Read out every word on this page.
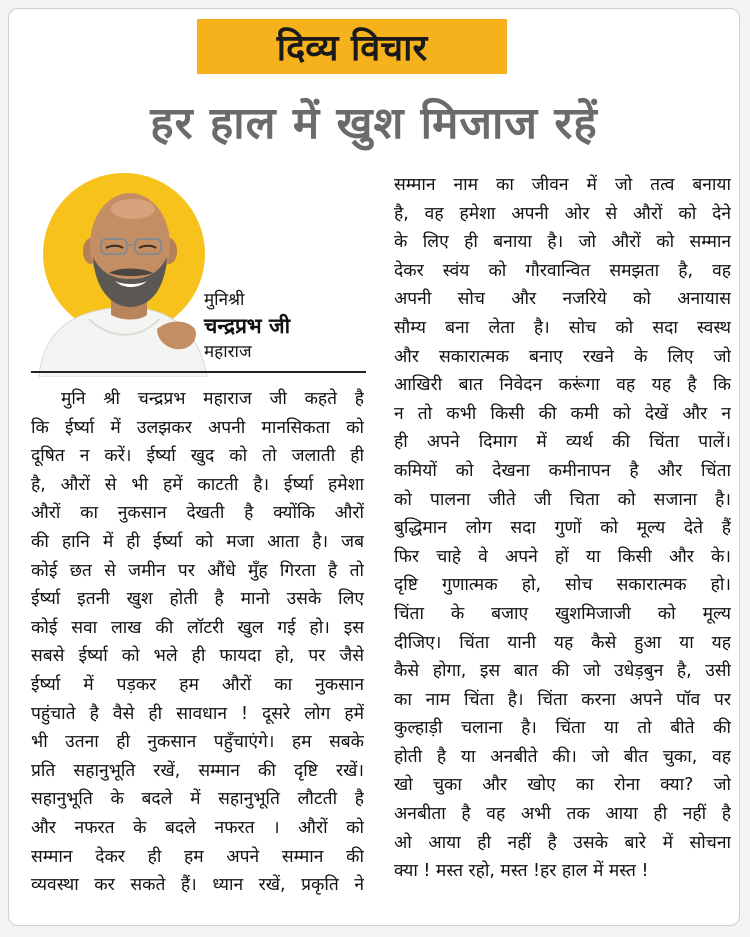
दिव्य विचार
हर हाल में खुश मिजाज रहें
मुनिश्री
चन्द्रप्रभ जी
महाराज
मुनि श्री चन्द्रप्रभ महाराज जी कहते है
कि ईर्ष्या में उलझकर अपनी मानसिकता को
दूषित न करें। ईर्ष्या खुद को तो जलाती ही
है, औरों से भी हमें काटती है। ईर्ष्या हमेशा
औरों का नुकसान देखती है क्योंकि औरों
की हानि में ही ईर्ष्या को मजा आता है। जब
कोई छत से जमीन पर औंधे मुँह गिरता है तो
ईर्ष्या इतनी खुश होती है मानो उसके लिए
कोई सवा लाख की लॉटरी खुल गई हो। इस
सबसे ईर्ष्या को भले ही फायदा हो, पर जैसे
ईर्ष्या में पड़कर हम औरों का नुकसान
पहुंचाते है वैसे ही सावधान ! दूसरे लोग हमें
भी उतना ही नुकसान पहुँचाएंगे। हम सबके
प्रति सहानुभूति रखें, सम्मान की दृष्टि रखें।
सहानुभूति के बदले में सहानुभूति लौटती है
और नफरत के बदले नफरत । औरों को
सम्मान देकर ही हम अपने सम्मान की
व्यवस्था कर सकते हैं। ध्यान रखें, प्रकृति ने
सम्मान नाम का जीवन में जो तत्व बनाया
है, वह हमेशा अपनी ओर से औरों को देने
के लिए ही बनाया है। जो औरों को सम्मान
देकर स्वंय को गौरवान्वित समझता है, वह
अपनी सोच और नजरिये को अनायास
सौम्य बना लेता है। सोच को सदा स्वस्थ
और सकारात्मक बनाए रखने के लिए जो
आखिरी बात निवेदन करूंगा वह यह है कि
न तो कभी किसी की कमी को देखें और न
ही अपने दिमाग में व्यर्थ की चिंता पालें।
कमियों को देखना कमीनापन है और चिंता
को पालना जीते जी चिता को सजाना है।
बुद्धिमान लोग सदा गुणों को मूल्य देते हैं
फिर चाहे वे अपने हों या किसी और के।
दृष्टि गुणात्मक हो, सोच सकारात्मक हो।
चिंता के बजाए खुशमिजाजी को मूल्य
दीजिए। चिंता यानी यह कैसे हुआ या यह
कैसे होगा, इस बात की जो उधेड़बुन है, उसी
का नाम चिंता है। चिंता करना अपने पॉव पर
कुल्हाड़ी चलाना है। चिंता या तो बीते की
होती है या अनबीते की। जो बीत चुका, वह
खो चुका और खोए का रोना क्या? जो
अनबीता है वह अभी तक आया ही नहीं है
ओ आया ही नहीं है उसके बारे में सोचना
क्या ! मस्त रहो, मस्त !हर हाल में मस्त !
